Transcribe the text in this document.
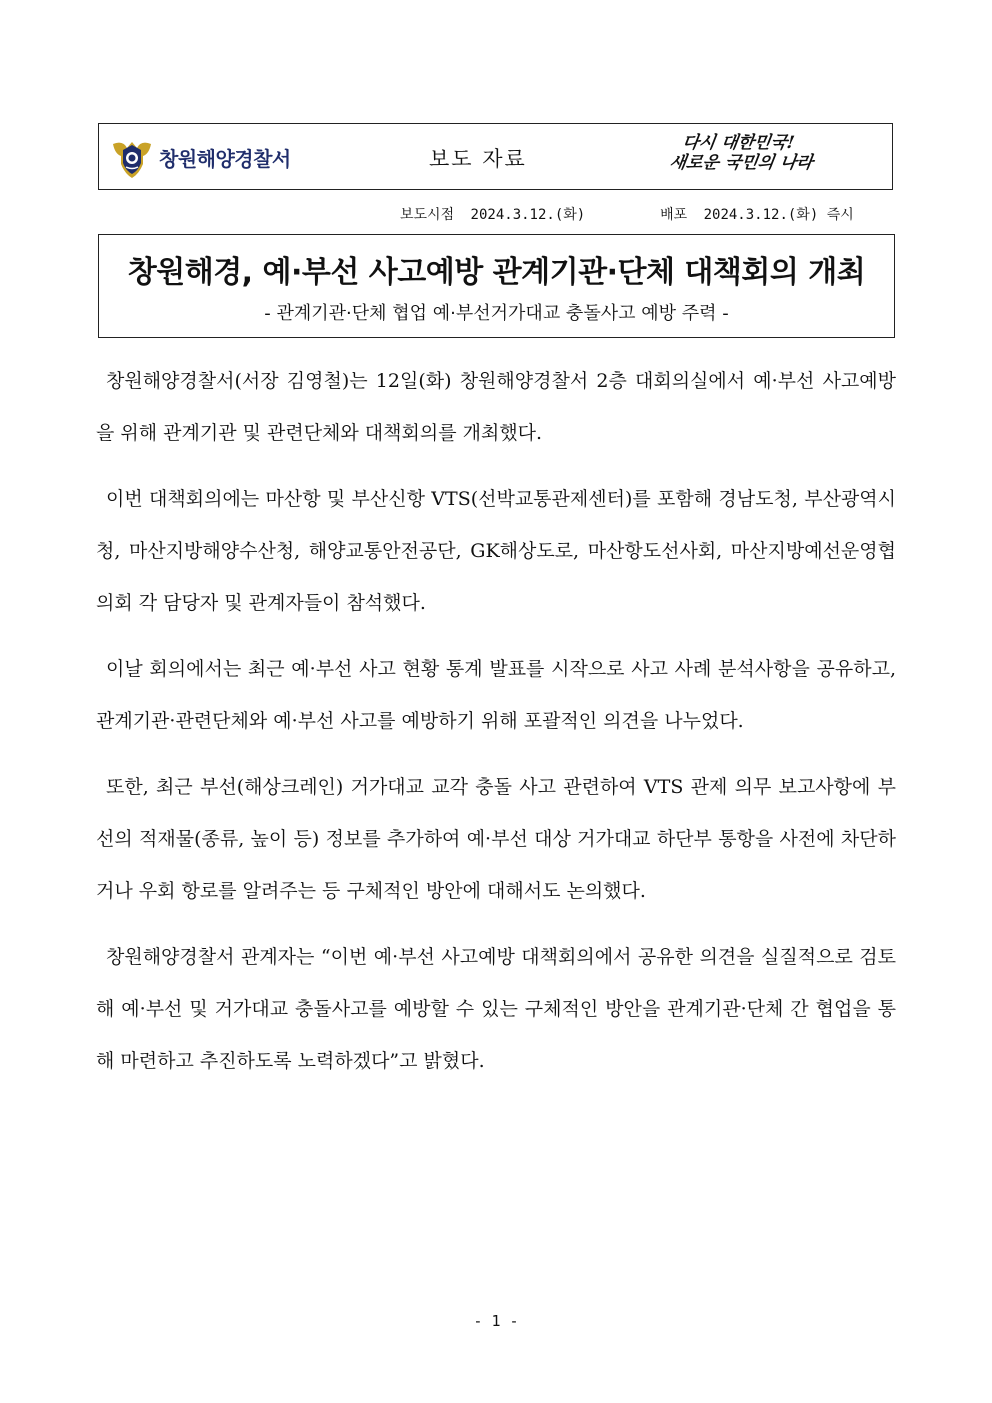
창원해양경찰서	보도 자료
다시 대한민국!
새로운 국민의 나라
보도시점 2024.3.12.(화)	배포 2024.3.12.(화) 즉시
창원해경, 예·부선 사고예방 관계기관·단체 대책회의 개최
- 관계기관·단체 협업 예·부선거가대교 충돌사고 예방 주력 -

창원해양경찰서(서장 김영철)는 12일(화) 창원해양경찰서 2층 대회의실에서 예·부선 사고예방을 위해 관계기관 및 관련단체와 대책회의를 개최했다.

이번 대책회의에는 마산항 및 부산신항 VTS(선박교통관제센터)를 포함해 경남도청, 부산광역시청, 마산지방해양수산청, 해양교통안전공단, GK해상도로, 마산항도선사회, 마산지방예선운영협의회 각 담당자 및 관계자들이 참석했다.

이날 회의에서는 최근 예·부선 사고 현황 통계 발표를 시작으로 사고 사례 분석사항을 공유하고, 관계기관·관련단체와 예·부선 사고를 예방하기 위해 포괄적인 의견을 나누었다.

또한, 최근 부선(해상크레인) 거가대교 교각 충돌 사고 관련하여 VTS 관제 의무 보고사항에 부선의 적재물(종류, 높이 등) 정보를 추가하여 예·부선 대상 거가대교 하단부 통항을 사전에 차단하거나 우회 항로를 알려주는 등 구체적인 방안에 대해서도 논의했다.

창원해양경찰서 관계자는 “이번 예·부선 사고예방 대책회의에서 공유한 의견을 실질적으로 검토해 예·부선 및 거가대교 충돌사고를 예방할 수 있는 구체적인 방안을 관계기관·단체 간 협업을 통해 마련하고 추진하도록 노력하겠다”고 밝혔다.

- 1 -
